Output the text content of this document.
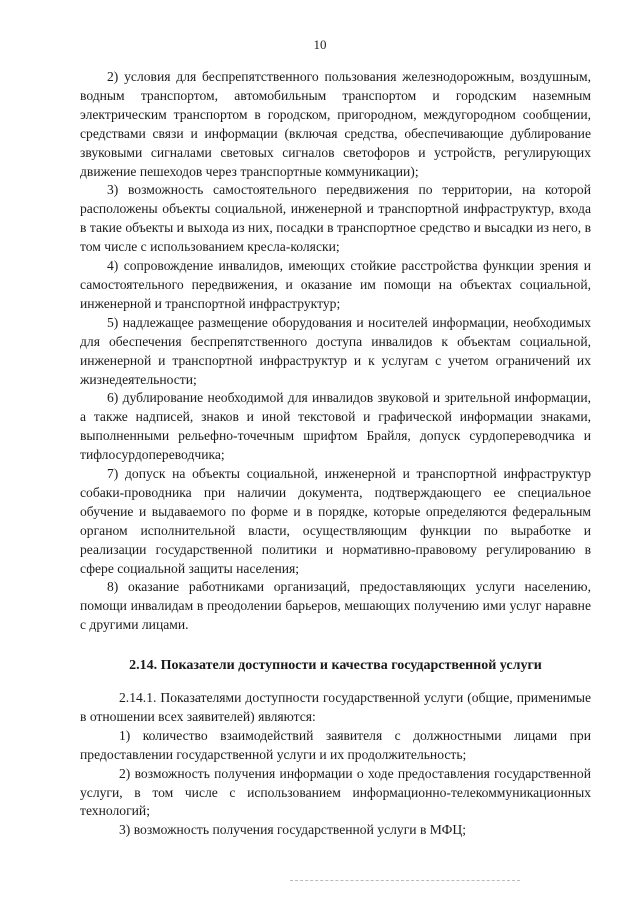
10

2) условия для беспрепятственного пользования железнодорожным, воздушным, водным транспортом, автомобильным транспортом и городским наземным электрическим транспортом в городском, пригородном, междугородном сообщении, средствами связи и информации (включая средства, обеспечивающие дублирование звуковыми сигналами световых сигналов светофоров и устройств, регулирующих движение пешеходов через транспортные коммуникации);

3) возможность самостоятельного передвижения по территории, на которой расположены объекты социальной, инженерной и транспортной инфраструктур, входа в такие объекты и выхода из них, посадки в транспортное средство и высадки из него, в том числе с использованием кресла-коляски;

4) сопровождение инвалидов, имеющих стойкие расстройства функции зрения и самостоятельного передвижения, и оказание им помощи на объектах социальной, инженерной и транспортной инфраструктур;

5) надлежащее размещение оборудования и носителей информации, необходимых для обеспечения беспрепятственного доступа инвалидов к объектам социальной, инженерной и транспортной инфраструктур и к услугам с учетом ограничений их жизнедеятельности;

6) дублирование необходимой для инвалидов звуковой и зрительной информации, а также надписей, знаков и иной текстовой и графической информации знаками, выполненными рельефно-точечным шрифтом Брайля, допуск сурдопереводчика и тифлосурдопереводчика;

7) допуск на объекты социальной, инженерной и транспортной инфраструктур собаки-проводника при наличии документа, подтверждающего ее специальное обучение и выдаваемого по форме и в порядке, которые определяются федеральным органом исполнительной власти, осуществляющим функции по выработке и реализации государственной политики и нормативно-правовому регулированию в сфере социальной защиты населения;

8) оказание работниками организаций, предоставляющих услуги населению, помощи инвалидам в преодолении барьеров, мешающих получению ими услуг наравне с другими лицами.

2.14. Показатели доступности и качества государственной услуги

2.14.1. Показателями доступности государственной услуги (общие, применимые в отношении всех заявителей) являются:

1) количество взаимодействий заявителя с должностными лицами при предоставлении государственной услуги и их продолжительность;

2) возможность получения информации о ходе предоставления государственной услуги, в том числе с использованием информационно-телекоммуникационных технологий;

3) возможность получения государственной услуги в МФЦ;
